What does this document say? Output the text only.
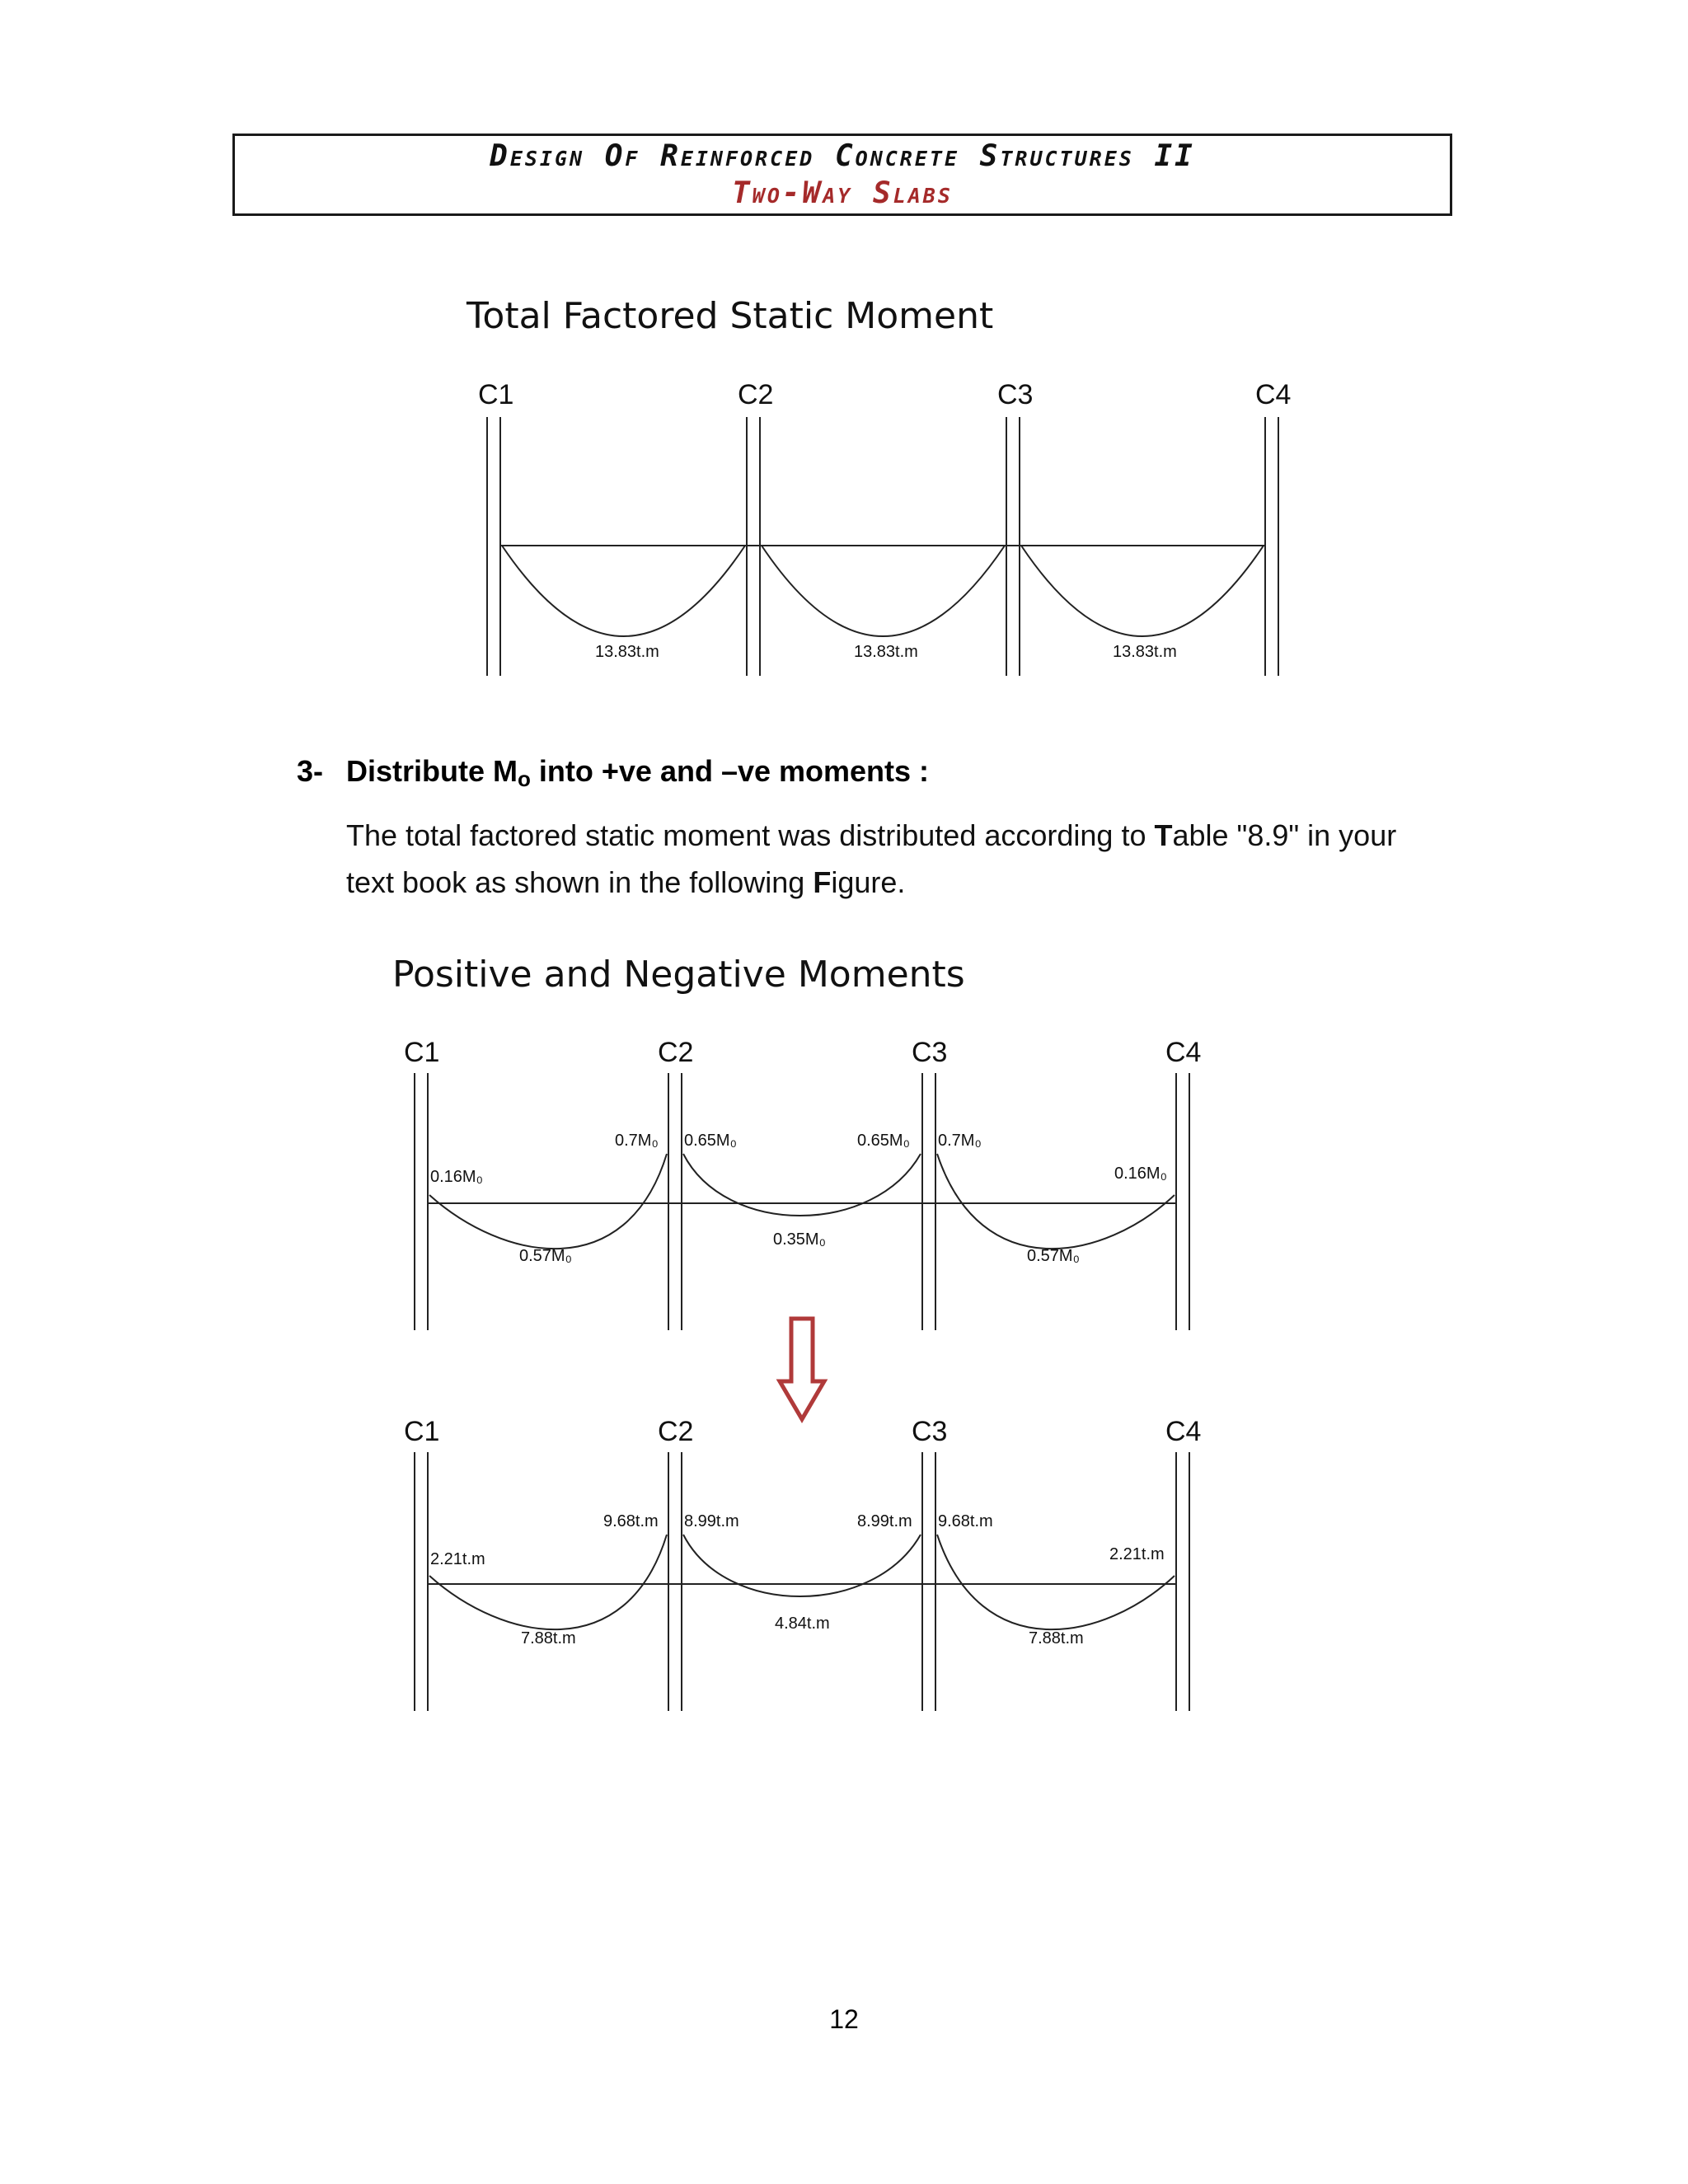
Design Of Reinforced Concrete Structures II
Two-Way Slabs
Total Factored Static Moment
C1	C2	C3	C4
13.83t.m	13.83t.m	13.83t.m
3- Distribute $M_o$ into +ve and –ve moments :
The total factored static moment was distributed according to Table "8.9" in your text book as shown in the following Figure.
Positive and Negative Moments
C1	C2	C3	C4
0.16M₀
0.57M₀
0.7M₀ 0.65M₀
0.35M₀
0.65M₀ 0.7M₀
0.57M₀
0.16M₀
C1	C2	C3	C4
2.21t.m
7.88t.m
9.68t.m 8.99t.m
4.84t.m
8.99t.m 9.68t.m
7.88t.m
2.21t.m
12
